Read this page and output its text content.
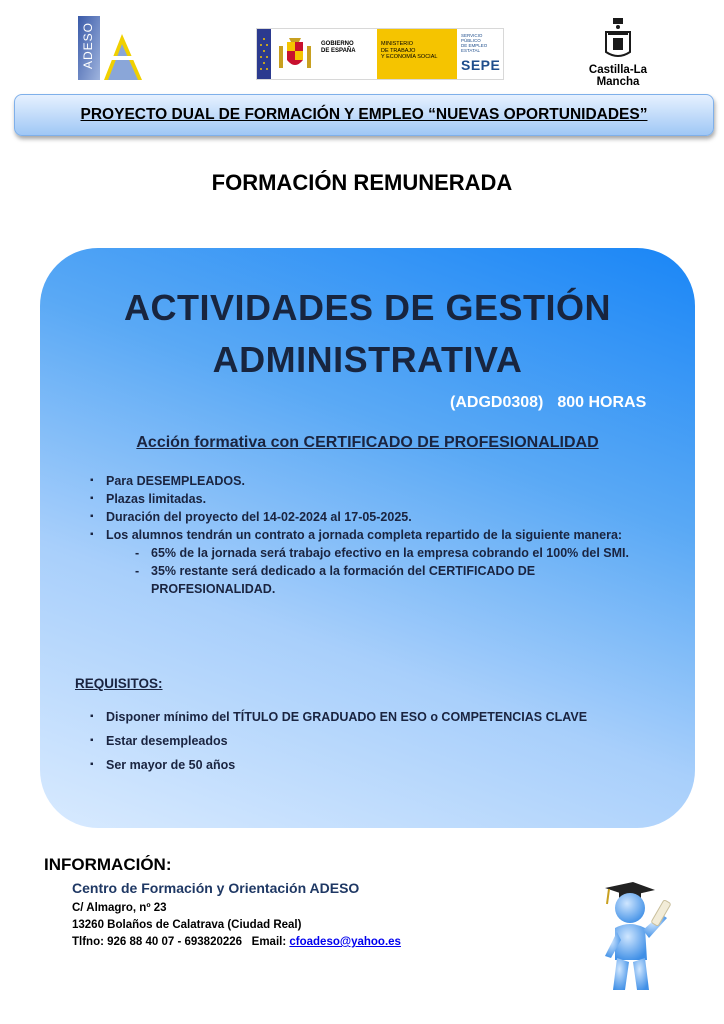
ADESO	GOBIERNO
DE ESPAÑA
MINISTERIO
DE TRABAJO
Y ECONOMÍA SOCIAL
SERVICIO PÚBLICO
DE EMPLEO ESTATAL
SEPE	Castilla-La Mancha
PROYECTO DUAL DE FORMACIÓN Y EMPLEO “NUEVAS OPORTUNIDADES”
FORMACIÓN REMUNERADA
ACTIVIDADES DE GESTIÓN
ADMINISTRATIVA
(ADGD0308) 800 HORAS
Acción formativa con CERTIFICADO DE PROFESIONALIDAD
▪ Para DESEMPLEADOS.
▪ Plazas limitadas.
▪ Duración del proyecto del 14-02-2024 al 17-05-2025.
▪ Los alumnos tendrán un contrato a jornada completa repartido de la siguiente manera:
- 65% de la jornada será trabajo efectivo en la empresa cobrando el 100% del SMI.
- 35% restante será dedicado a la formación del CERTIFICADO DE PROFESIONALIDAD.
REQUISITOS:
▪ Disponer mínimo del TÍTULO DE GRADUADO EN ESO o COMPETENCIAS CLAVE
▪ Estar desempleados
▪ Ser mayor de 50 años
INFORMACIÓN:
Centro de Formación y Orientación ADESO
C/ Almagro, nº 23
13260 Bolaños de Calatrava (Ciudad Real)
Tlfno: 926 88 40 07 - 693820226 Email: cfoadeso@yahoo.es
